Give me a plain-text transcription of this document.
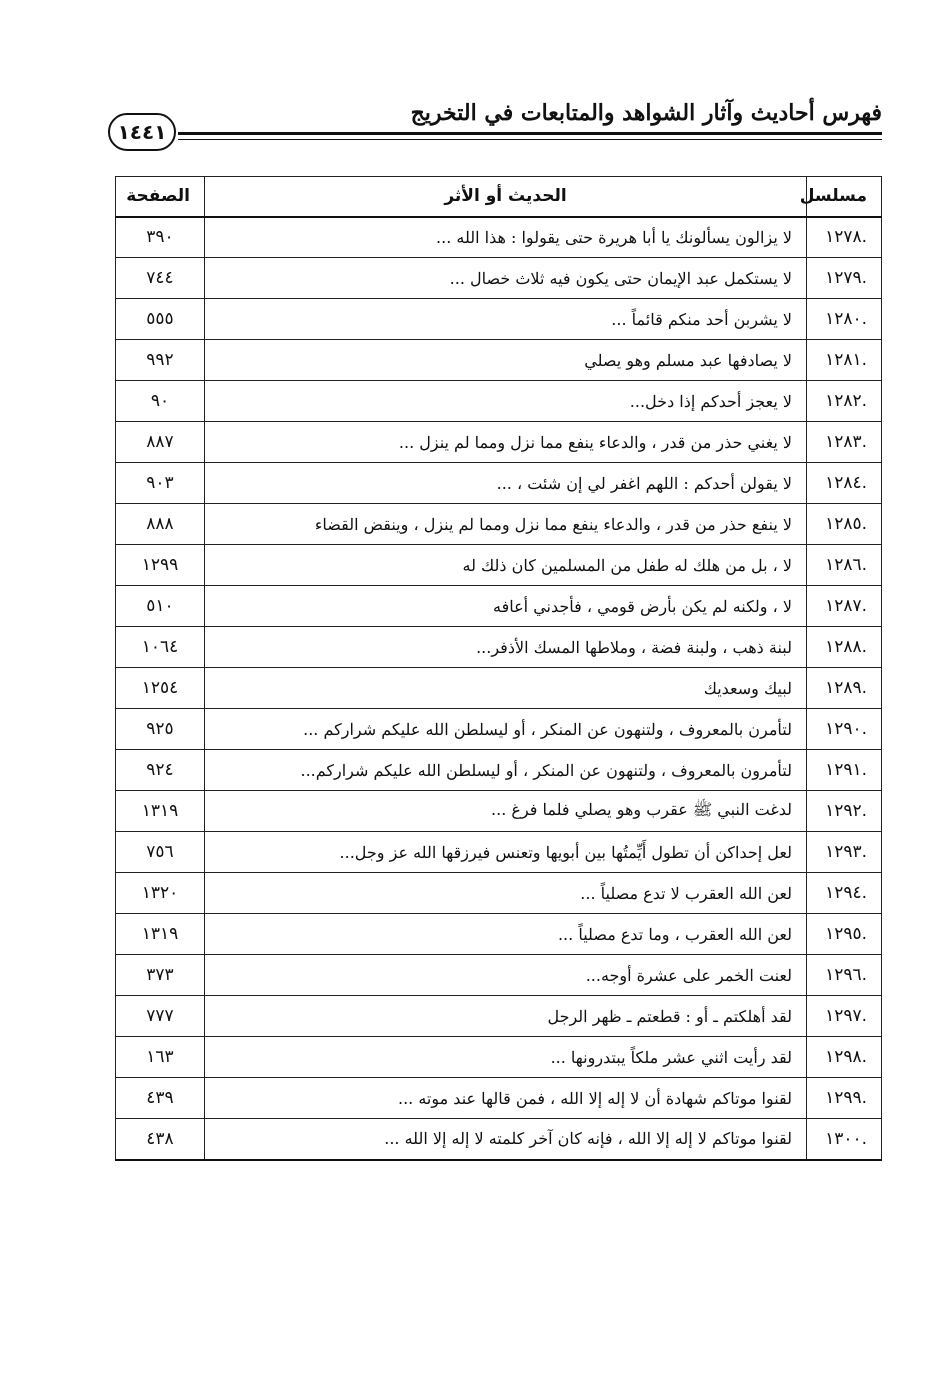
فهرس أحاديث وآثار الشواهد والمتابعات في التخريج
١٤٤١
مسلسل	الحديث أو الأثر	الصفحة
.١٢٧٨	لا يزالون يسألونك يا أبا هريرة حتى يقولوا : هذا الله ...	٣٩٠
.١٢٧٩	لا يستكمل عبد الإيمان حتى يكون فيه ثلاث خصال ...	٧٤٤
.١٢٨٠	لا يشربن أحد منكم قائماً ...	٥٥٥
.١٢٨١	لا يصادفها عبد مسلم وهو يصلي	٩٩٢
.١٢٨٢	لا يعجز أحدكم إذا دخل...	٩٠
.١٢٨٣	لا يغني حذر من قدر ، والدعاء ينفع مما نزل ومما لم ينزل ...	٨٨٧
.١٢٨٤	لا يقولن أحدكم : اللهم اغفر لي إن شئت ، ...	٩٠٣
.١٢٨٥	لا ينفع حذر من قدر ، والدعاء ينفع مما نزل ومما لم ينزل ، وينقض القضاء	٨٨٨
.١٢٨٦	لا ، بل من هلك له طفل من المسلمين كان ذلك له	١٢٩٩
.١٢٨٧	لا ، ولكنه لم يكن بأرض قومي ، فأجدني أعافه	٥١٠
.١٢٨٨	لبنة ذهب ، ولبنة فضة ، وملاطها المسك الأذفر...	١٠٦٤
.١٢٨٩	لبيك وسعديك	١٢٥٤
.١٢٩٠	لتأمرن بالمعروف ، ولتنهون عن المنكر ، أو ليسلطن الله عليكم شراركم ...	٩٢٥
.١٢٩١	لتأمرون بالمعروف ، ولتنهون عن المنكر ، أو ليسلطن الله عليكم شراركم...	٩٢٤
.١٢٩٢	لدغت النبي ﷺ عقرب وهو يصلي فلما فرغ ...	١٣١٩
.١٢٩٣	لعل إحداكن أن تطول أَيِّمتُها بين أبويها وتعنس فيرزقها الله عز وجل...	٧٥٦
.١٢٩٤	لعن الله العقرب لا تدع مصلياً ...	١٣٢٠
.١٢٩٥	لعن الله العقرب ، وما تدع مصلياً ...	١٣١٩
.١٢٩٦	لعنت الخمر على عشرة أوجه...	٣٧٣
.١٢٩٧	لقد أهلكتم ـ أو : قطعتم ـ ظهر الرجل	٧٧٧
.١٢٩٨	لقد رأيت اثني عشر ملكاً يبتدرونها ...	١٦٣
.١٢٩٩	لقنوا موتاكم شهادة أن لا إله إلا الله ، فمن قالها عند موته ...	٤٣٩
.١٣٠٠	لقنوا موتاكم لا إله إلا الله ، فإنه كان آخر كلمته لا إله إلا الله ...	٤٣٨
